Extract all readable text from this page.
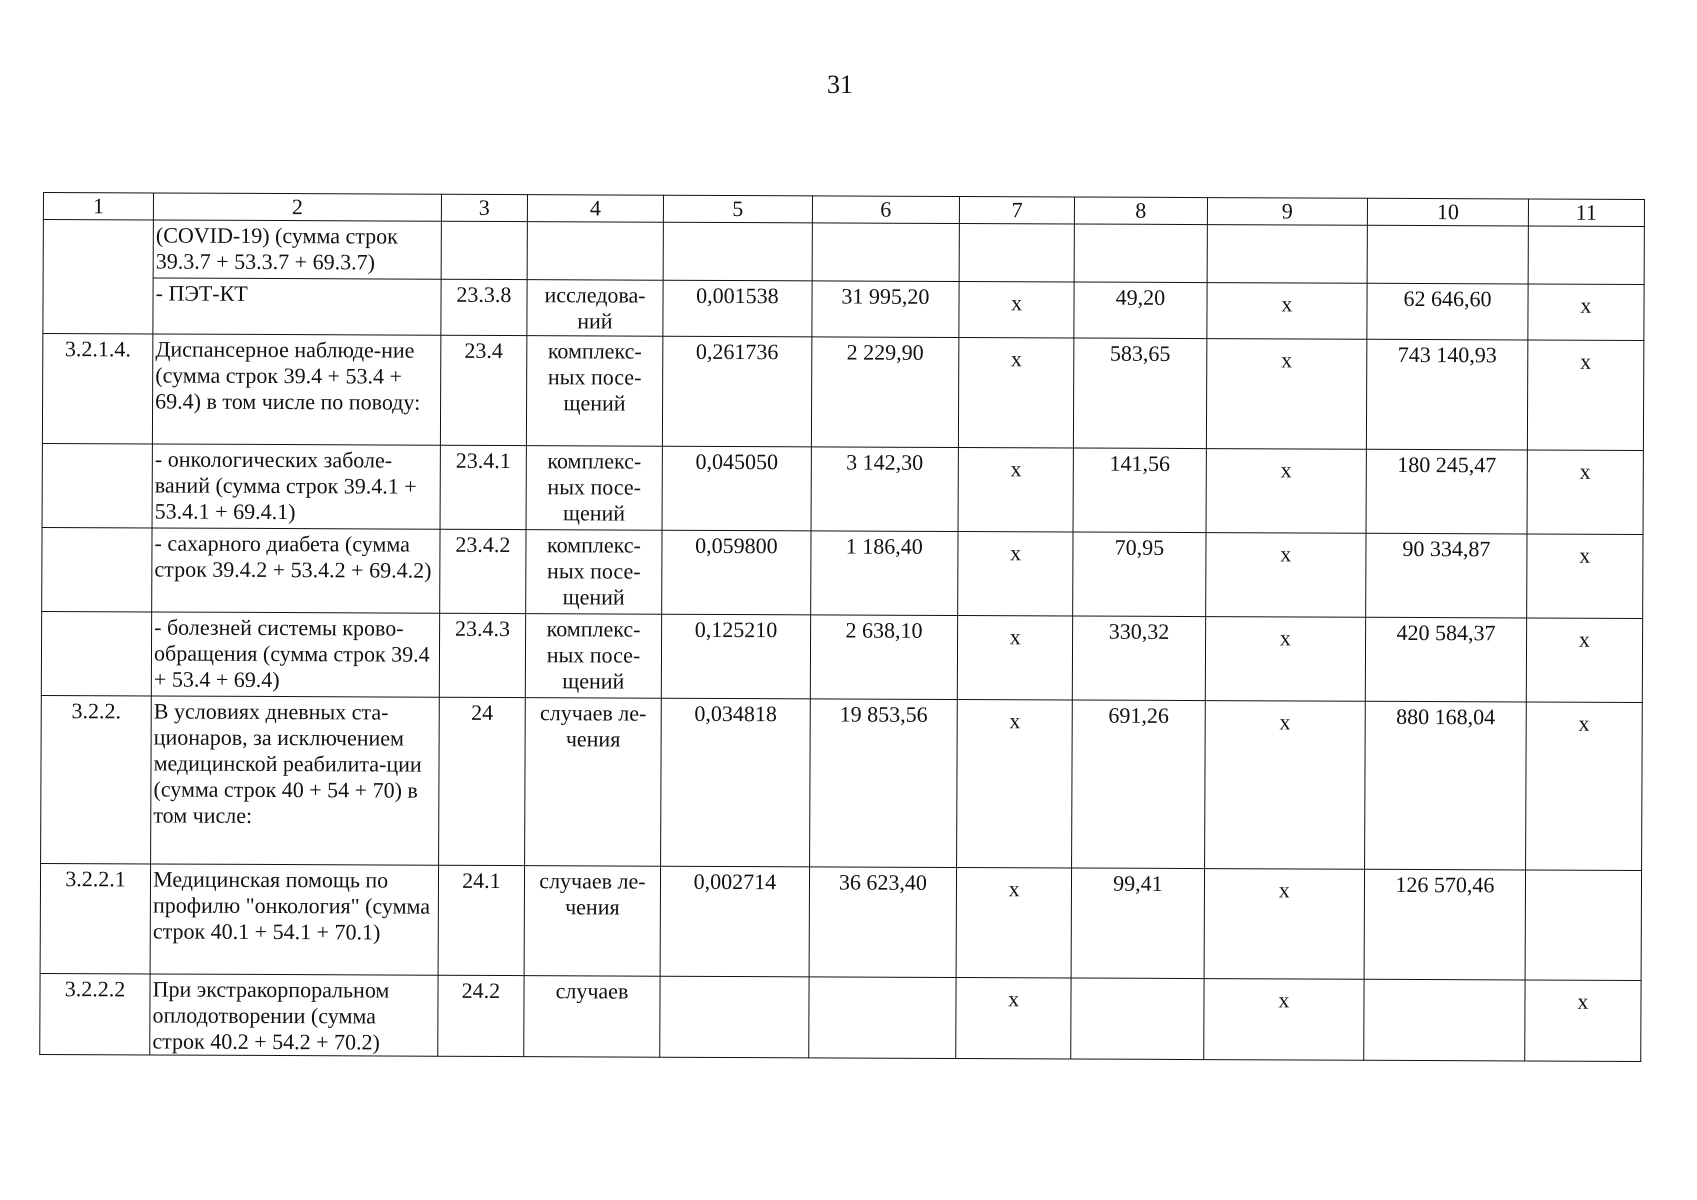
31
1	2	3	4	5	6	7	8	9	10	11
	(COVID-19) (сумма строк 39.3.7 + 53.3.7 + 69.3.7)									
	- ПЭТ-КТ	23.3.8	исследова-ний	0,001538	31 995,20	x	49,20	x	62 646,60	x
3.2.1.4.	Диспансерное наблюде-ние (сумма строк 39.4 + 53.4 + 69.4) в том числе по поводу:	23.4	комплекс-ных посе-щений	0,261736	2 229,90	x	583,65	x	743 140,93	x
	- онкологических заболе-ваний (сумма строк 39.4.1 + 53.4.1 + 69.4.1)	23.4.1	комплекс-ных посе-щений	0,045050	3 142,30	x	141,56	x	180 245,47	x
	- сахарного диабета (сумма строк 39.4.2 + 53.4.2 + 69.4.2)	23.4.2	комплекс-ных посе-щений	0,059800	1 186,40	x	70,95	x	90 334,87	x
	- болезней системы крово-обращения (сумма строк 39.4 + 53.4 + 69.4)	23.4.3	комплекс-ных посе-щений	0,125210	2 638,10	x	330,32	x	420 584,37	x
3.2.2.	В условиях дневных ста-ционаров, за исключением медицинской реабилита-ции (сумма строк 40 + 54 + 70) в том числе:	24	случаев ле-чения	0,034818	19 853,56	x	691,26	x	880 168,04	x
3.2.2.1	Медицинская помощь по профилю "онкология" (сумма строк 40.1 + 54.1 + 70.1)	24.1	случаев ле-чения	0,002714	36 623,40	x	99,41	x	126 570,46	
3.2.2.2	При экстракорпоральном оплодотворении (сумма строк 40.2 + 54.2 + 70.2)	24.2	случаев			x		x		x
